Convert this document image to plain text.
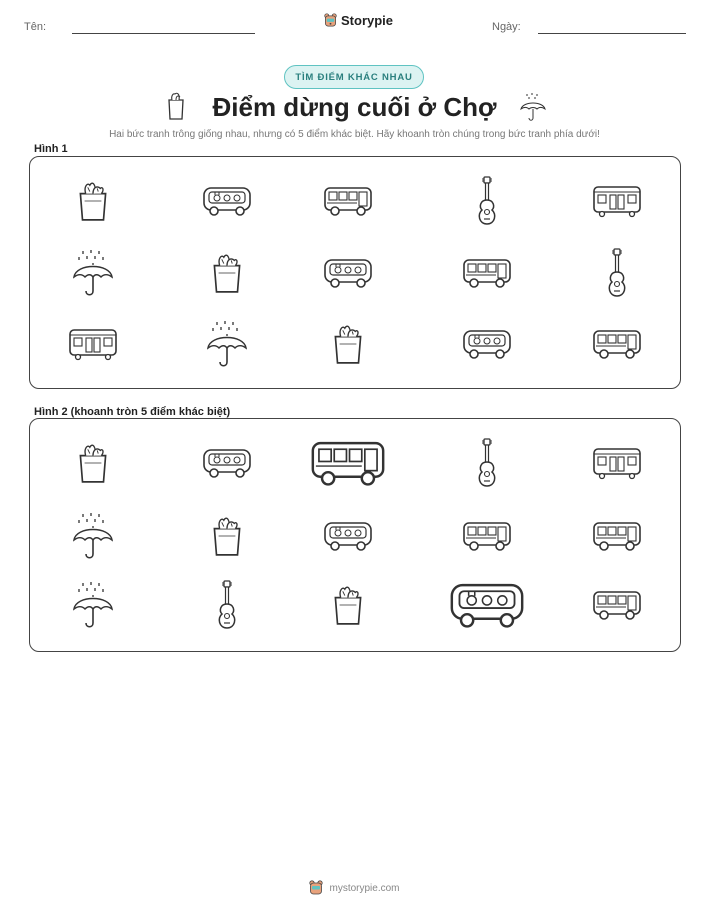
Tên:	Storypie	Ngày:
TÌM ĐIỂM KHÁC NHAU
Điểm dừng cuối ở Chợ
Hai bức tranh trông giống nhau, nhưng có 5 điểm khác biệt. Hãy khoanh tròn chúng trong bức tranh phía dưới!
Hình 1
Hình 2 (khoanh tròn 5 điểm khác biệt)
mystorypie.com
